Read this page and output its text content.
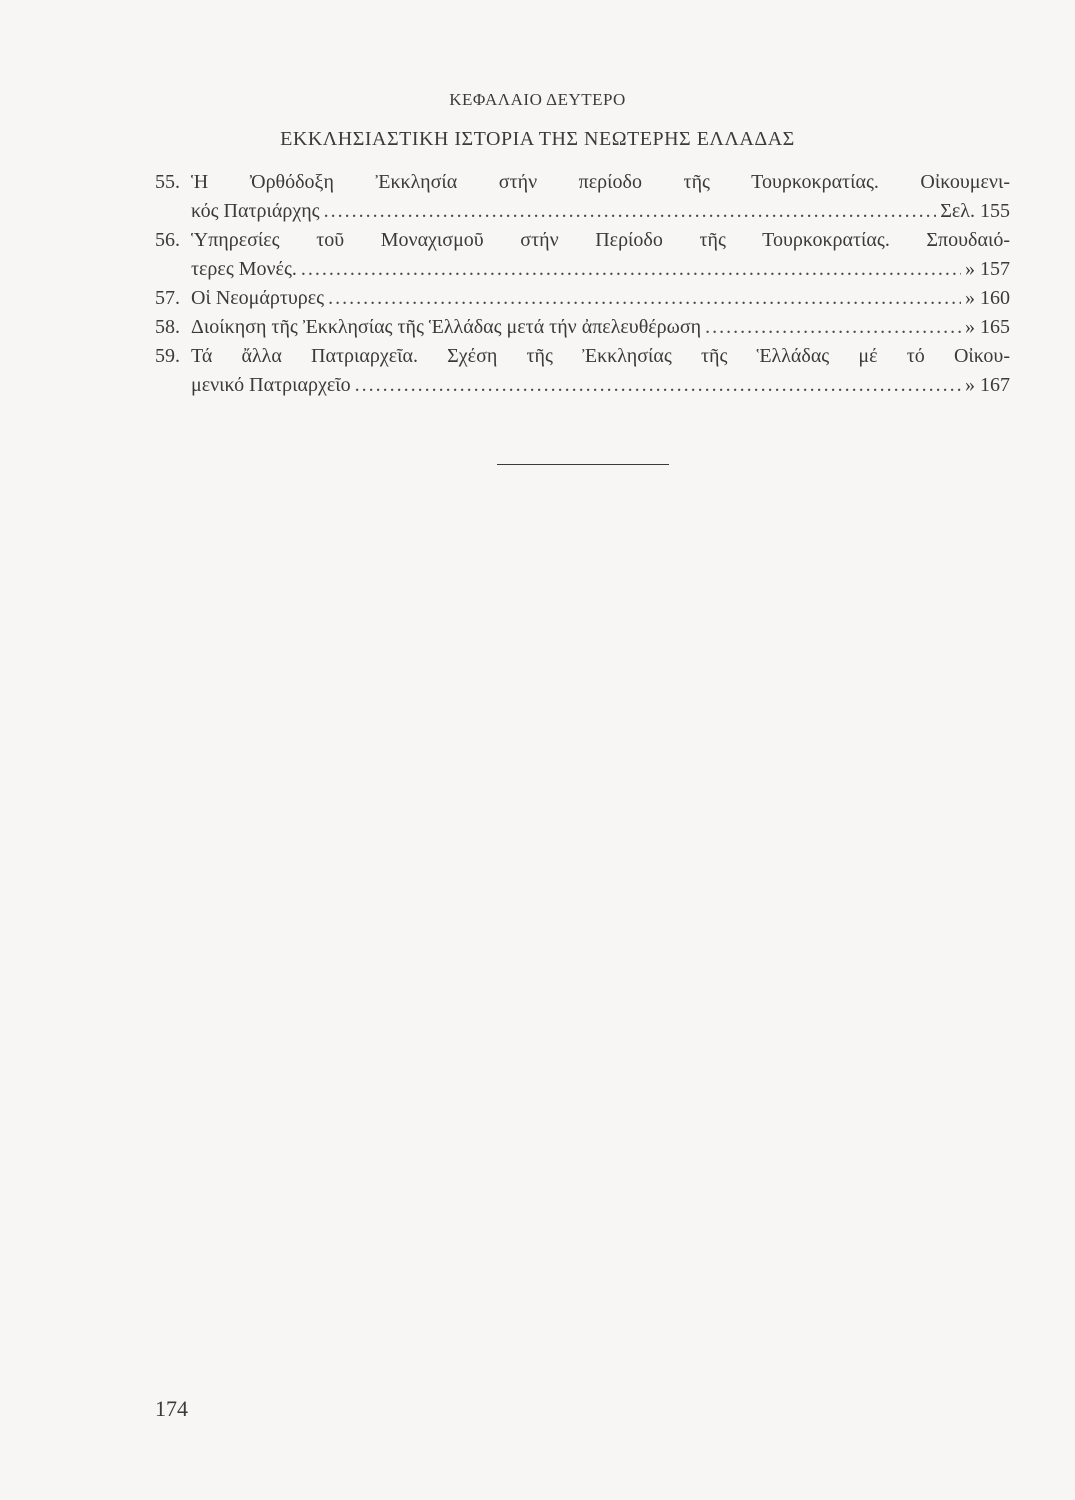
ΚΕΦΑΛΑΙΟ ΔΕΥΤΕΡΟ
ΕΚΚΛΗΣΙΑΣΤΙΚΗ ΙΣΤΟΡΙΑ ΤΗΣ ΝΕΩΤΕΡΗΣ ΕΛΛΑΔΑΣ
55. Ἡ Ὀρθόδοξη Ἐκκλησία στήν περίοδο τῆς Τουρκοκρατίας. Οἰκουμενι-
κός Πατριάρχης .....	Σελ. 155
56. Ὑπηρεσίες τοῦ Μοναχισμοῦ στήν Περίοδο τῆς Τουρκοκρατίας. Σπουδαιό-
τερες Μονές. .....	» 157
57. Οἱ Νεομάρτυρες .....	» 160
58. Διοίκηση τῆς Ἐκκλησίας τῆς Ἑλλάδας μετά τήν ἀπελευθέρωση .....	» 165
59. Τά ἄλλα Πατριαρχεῖα. Σχέση τῆς Ἐκκλησίας τῆς Ἑλλάδας μέ τό Οἰκου-
μενικό Πατριαρχεῖο .....	» 167
174
